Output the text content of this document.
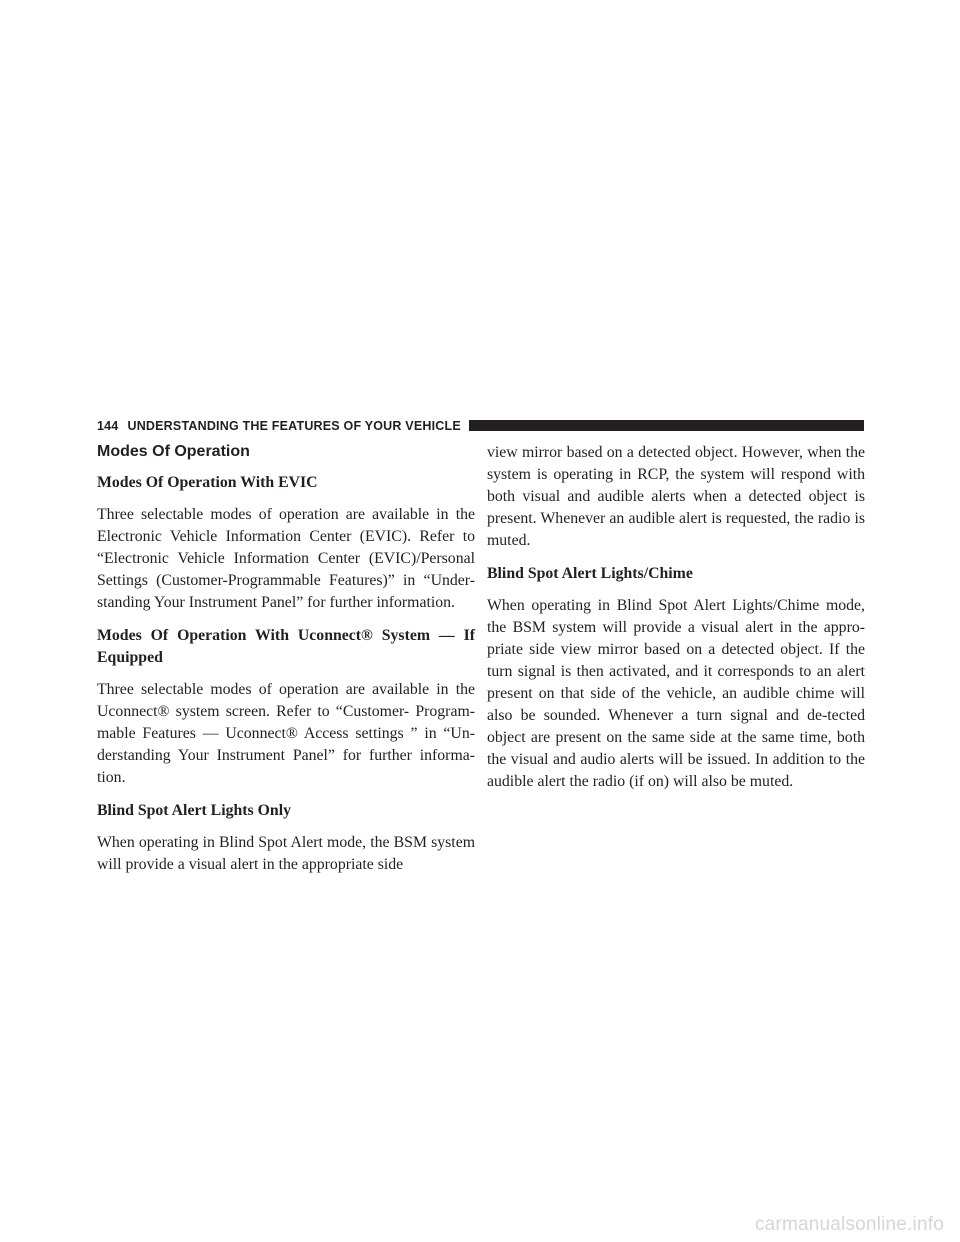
144 UNDERSTANDING THE FEATURES OF YOUR VEHICLE
Modes Of Operation
Modes Of Operation With EVIC

Three selectable modes of operation are available in the Electronic Vehicle Information Center (EVIC). Refer to “Electronic Vehicle Information Center (EVIC)/Personal Settings (Customer-Programmable Features)” in “Under-standing Your Instrument Panel” for further information.

Modes Of Operation With Uconnect® System — If Equipped

Three selectable modes of operation are available in the Uconnect® system screen. Refer to “Customer- Program-mable Features — Uconnect® Access settings ” in “Un-derstanding Your Instrument Panel” for further informa-tion.

Blind Spot Alert Lights Only

When operating in Blind Spot Alert mode, the BSM system will provide a visual alert in the appropriate side

view mirror based on a detected object. However, when the system is operating in RCP, the system will respond with both visual and audible alerts when a detected object is present. Whenever an audible alert is requested, the radio is muted.

Blind Spot Alert Lights/Chime

When operating in Blind Spot Alert Lights/Chime mode, the BSM system will provide a visual alert in the appro-priate side view mirror based on a detected object. If the turn signal is then activated, and it corresponds to an alert present on that side of the vehicle, an audible chime will also be sounded. Whenever a turn signal and de-tected object are present on the same side at the same time, both the visual and audio alerts will be issued. In addition to the audible alert the radio (if on) will also be muted.

carmanualsonline.info
